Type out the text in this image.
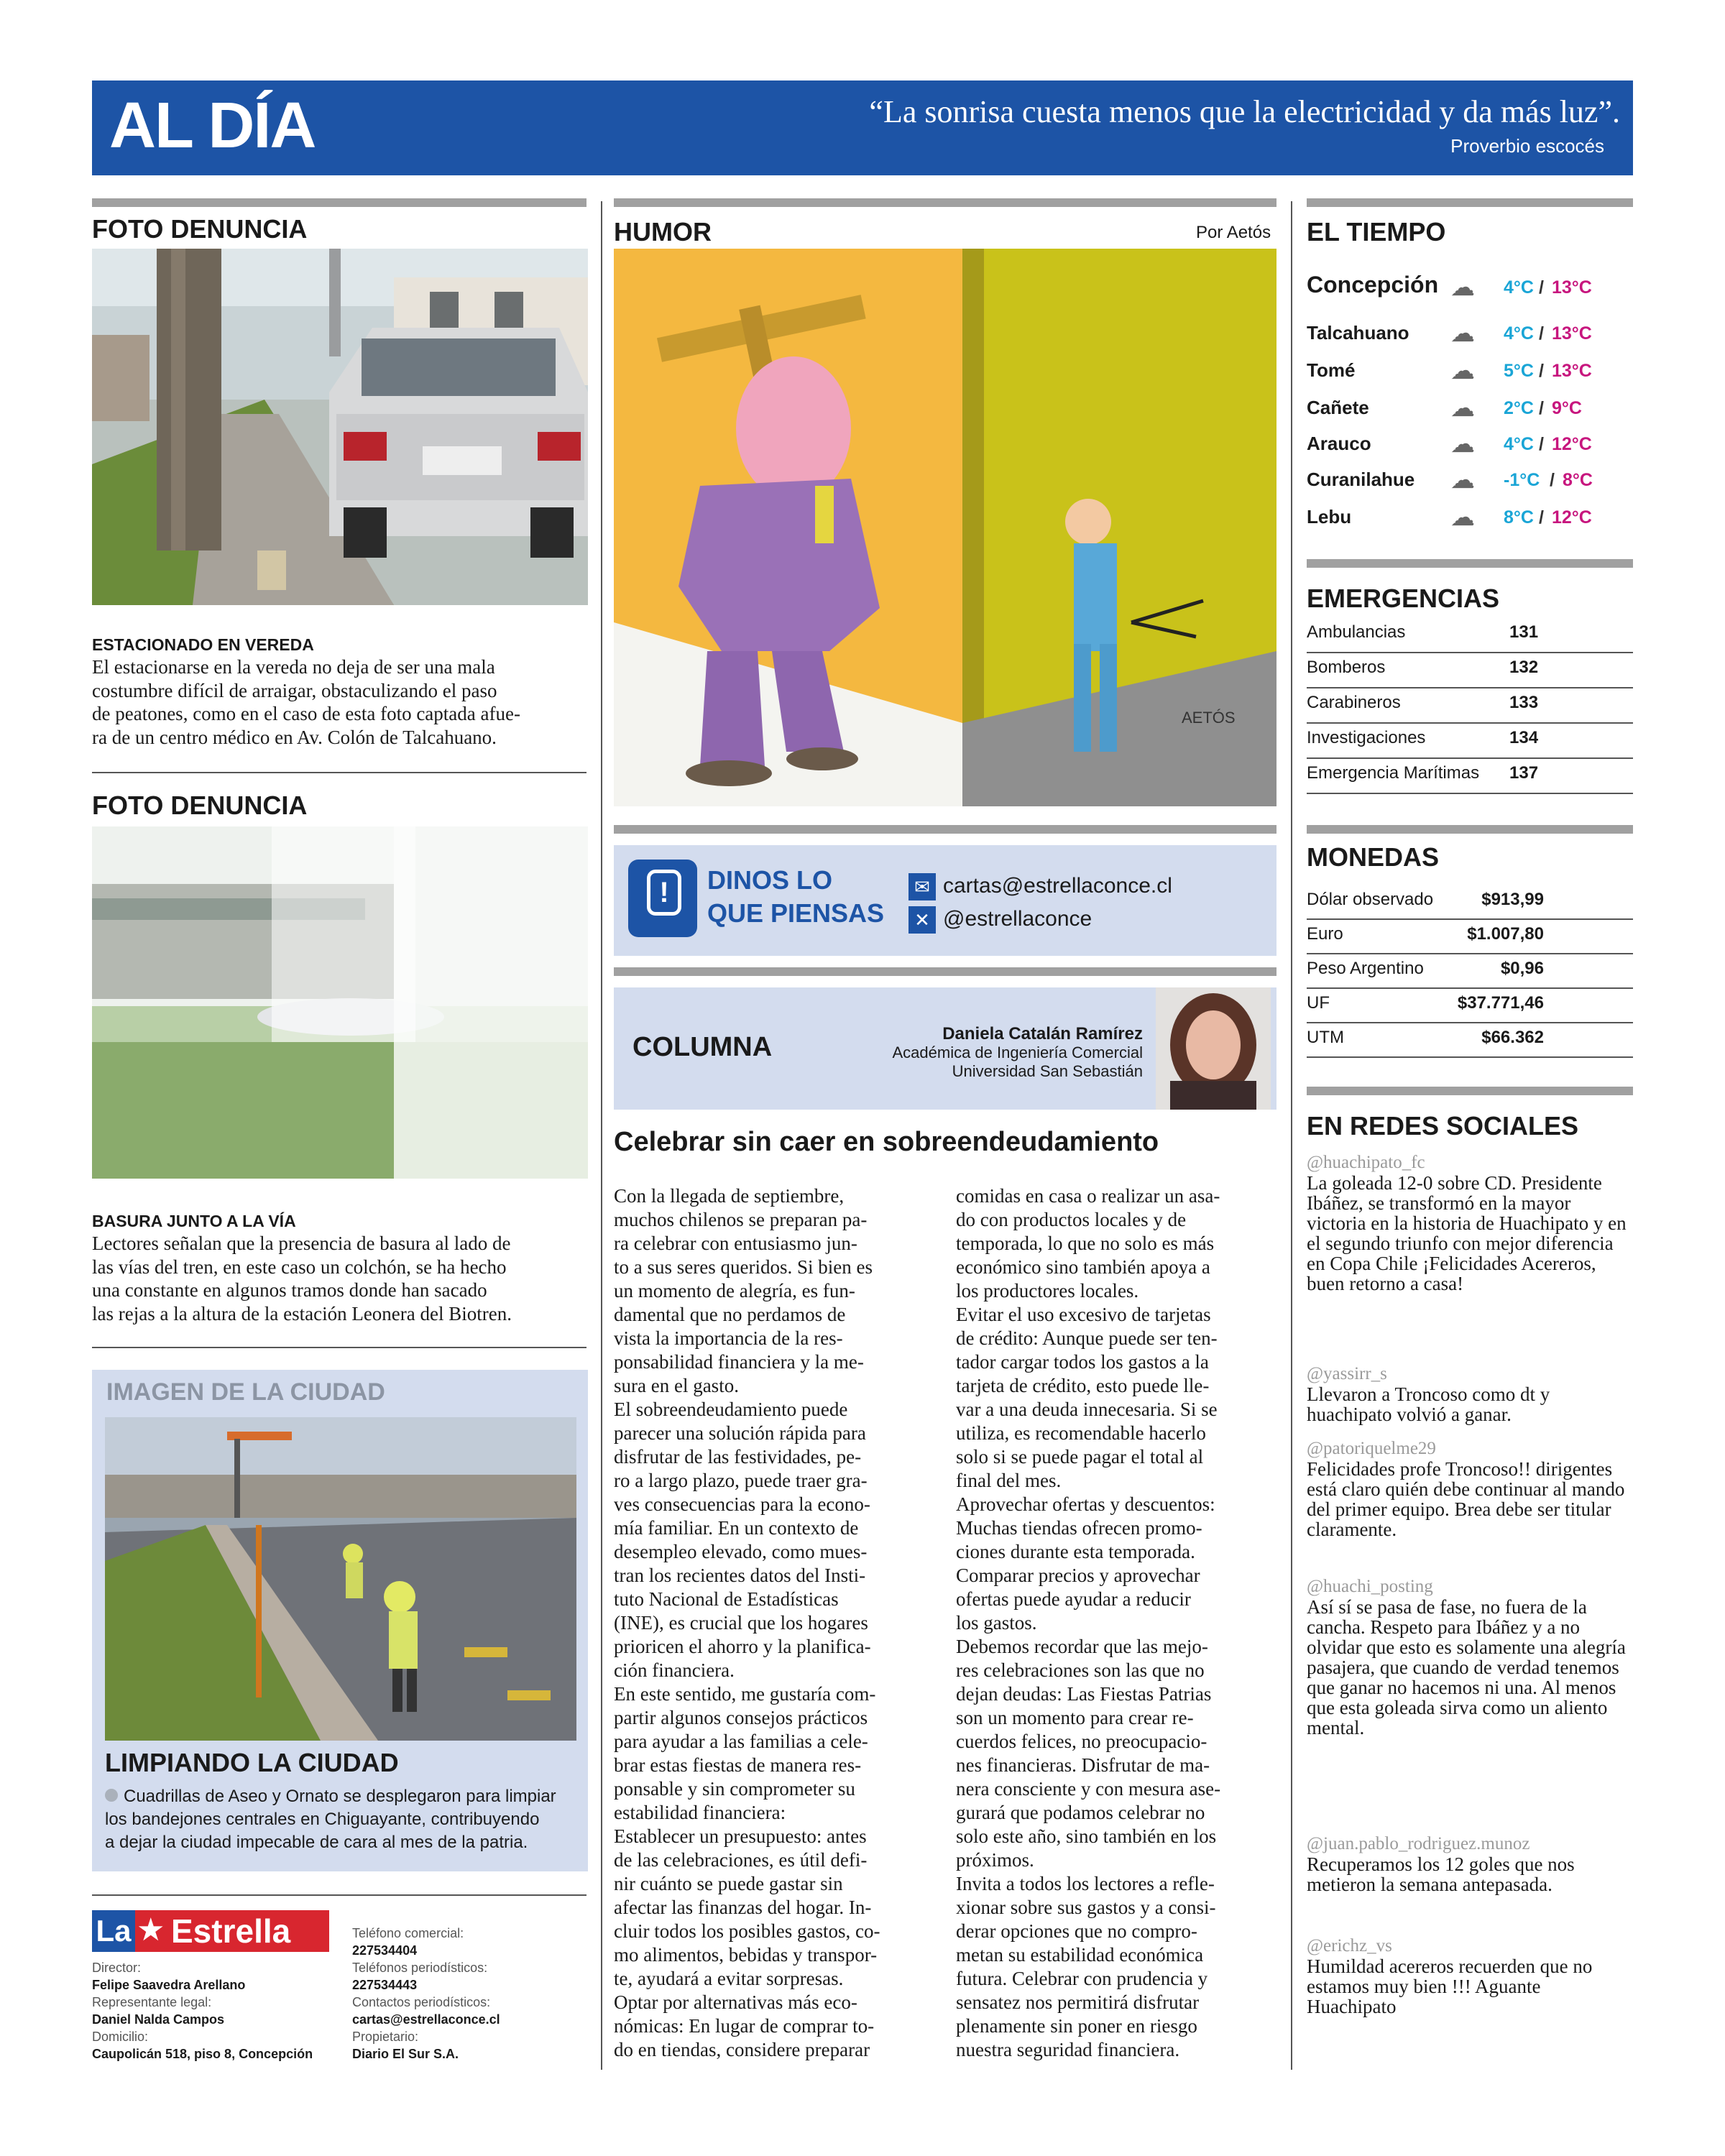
AL DÍA	“La sonrisa cuesta menos que la electricidad y da más luz”.
Proverbio escocés
FOTO DENUNCIA
ESTACIONADO EN VEREDA
El estacionarse en la vereda no deja de ser una mala
costumbre difícil de arraigar, obstaculizando el paso
de peatones, como en el caso de esta foto captada afue-
ra de un centro médico en Av. Colón de Talcahuano.
FOTO DENUNCIA
BASURA JUNTO A LA VÍA
Lectores señalan que la presencia de basura al lado de
las vías del tren, en este caso un colchón, se ha hecho
una constante en algunos tramos donde han sacado
las rejas a la altura de la estación Leonera del Biotren.
IMAGEN DE LA CIUDAD
LIMPIANDO LA CIUDAD
Cuadrillas de Aseo y Ornato se desplegaron para limpiar
los bandejones centrales en Chiguayante, contribuyendo
a dejar la ciudad impecable de cara al mes de la patria.
La ★ Estrella
Director:
Felipe Saavedra Arellano
Representante legal:
Daniel Nalda Campos
Domicilio:
Caupolicán 518, piso 8, Concepción
Teléfono comercial:
227534404
Teléfonos periodísticos:
227534443
Contactos periodísticos:
cartas@estrellaconce.cl
Propietario:
Diario El Sur S.A.
HUMOR	Por Aetós
AETÓS
!	DINOS LO
QUE PIENSAS
✉ cartas@estrellaconce.cl
✕ @estrellaconce
COLUMNA	Daniela Catalán Ramírez
Académica de Ingeniería Comercial
Universidad San Sebastián
Celebrar sin caer en sobreendeudamiento
Con la llegada de septiembre,
muchos chilenos se preparan pa-
ra celebrar con entusiasmo jun-
to a sus seres queridos. Si bien es
un momento de alegría, es fun-
damental que no perdamos de
vista la importancia de la res-
ponsabilidad financiera y la me-
sura en el gasto.
El sobreendeudamiento puede
parecer una solución rápida para
disfrutar de las festividades, pe-
ro a largo plazo, puede traer gra-
ves consecuencias para la econo-
mía familiar. En un contexto de
desempleo elevado, como mues-
tran los recientes datos del Insti-
tuto Nacional de Estadísticas
(INE), es crucial que los hogares
prioricen el ahorro y la planifica-
ción financiera.
En este sentido, me gustaría com-
partir algunos consejos prácticos
para ayudar a las familias a cele-
brar estas fiestas de manera res-
ponsable y sin comprometer su
estabilidad financiera:
Establecer un presupuesto: antes
de las celebraciones, es útil defi-
nir cuánto se puede gastar sin
afectar las finanzas del hogar. In-
cluir todos los posibles gastos, co-
mo alimentos, bebidas y transpor-
te, ayudará a evitar sorpresas.
Optar por alternativas más eco-
nómicas: En lugar de comprar to-
do en tiendas, considere preparar
comidas en casa o realizar un asa-
do con productos locales y de
temporada, lo que no solo es más
económico sino también apoya a
los productores locales.
Evitar el uso excesivo de tarjetas
de crédito: Aunque puede ser ten-
tador cargar todos los gastos a la
tarjeta de crédito, esto puede lle-
var a una deuda innecesaria. Si se
utiliza, es recomendable hacerlo
solo si se puede pagar el total al
final del mes.
Aprovechar ofertas y descuentos:
Muchas tiendas ofrecen promo-
ciones durante esta temporada.
Comparar precios y aprovechar
ofertas puede ayudar a reducir
los gastos.
Debemos recordar que las mejo-
res celebraciones son las que no
dejan deudas: Las Fiestas Patrias
son un momento para crear re-
cuerdos felices, no preocupacio-
nes financieras. Disfrutar de ma-
nera consciente y con mesura ase-
gurará que podamos celebrar no
solo este año, sino también en los
próximos.
Invita a todos los lectores a refle-
xionar sobre sus gastos y a consi-
derar opciones que no compro-
metan su estabilidad económica
futura. Celebrar con prudencia y
sensatez nos permitirá disfrutar
plenamente sin poner en riesgo
nuestra seguridad financiera.
EL TIEMPO
Concepción ☁ 4°C / 13°C
Talcahuano ☁ 4°C / 13°C
Tomé	☁ 5°C / 13°C
Cañete	☁ 2°C / 9°C
Arauco	☁ 4°C / 12°C
Curanilahue ☁ -1°C / 8°C
Lebu	☁ 8°C / 12°C
EMERGENCIAS
Ambulancias	131
Bomberos	132
Carabineros	133
Investigaciones	134
Emergencia Marítimas 137
MONEDAS
Dólar observado	$913,99
Euro	$1.007,80
Peso Argentino	$0,96
UF	$37.771,46
UTM	$66.362
EN REDES SOCIALES
@huachipato_fc
La goleada 12-0 sobre CD. Presidente Ibáñez, se transformó en la mayor victoria en la historia de Huachipato y en el segundo triunfo con mejor diferencia en Copa Chile ¡Felicidades Acereros, buen retorno a casa!
@yassirr_s
Llevaron a Troncoso como dt y huachipato volvió a ganar.
@patoriquelme29
Felicidades profe Troncoso!! dirigentes está claro quién debe continuar al mando del primer equipo. Brea debe ser titular claramente.
@huachi_posting
Así sí se pasa de fase, no fuera de la cancha. Respeto para Ibáñez y a no olvidar que esto es solamente una alegría pasajera, que cuando de verdad tenemos que ganar no hacemos ni una. Al menos que esta goleada sirva como un aliento mental.
@juan.pablo_rodriguez.munoz
Recuperamos los 12 goles que nos metieron la semana antepasada.
@erichz_vs
Humildad acereros recuerden que no estamos muy bien !!! Aguante Huachipato
